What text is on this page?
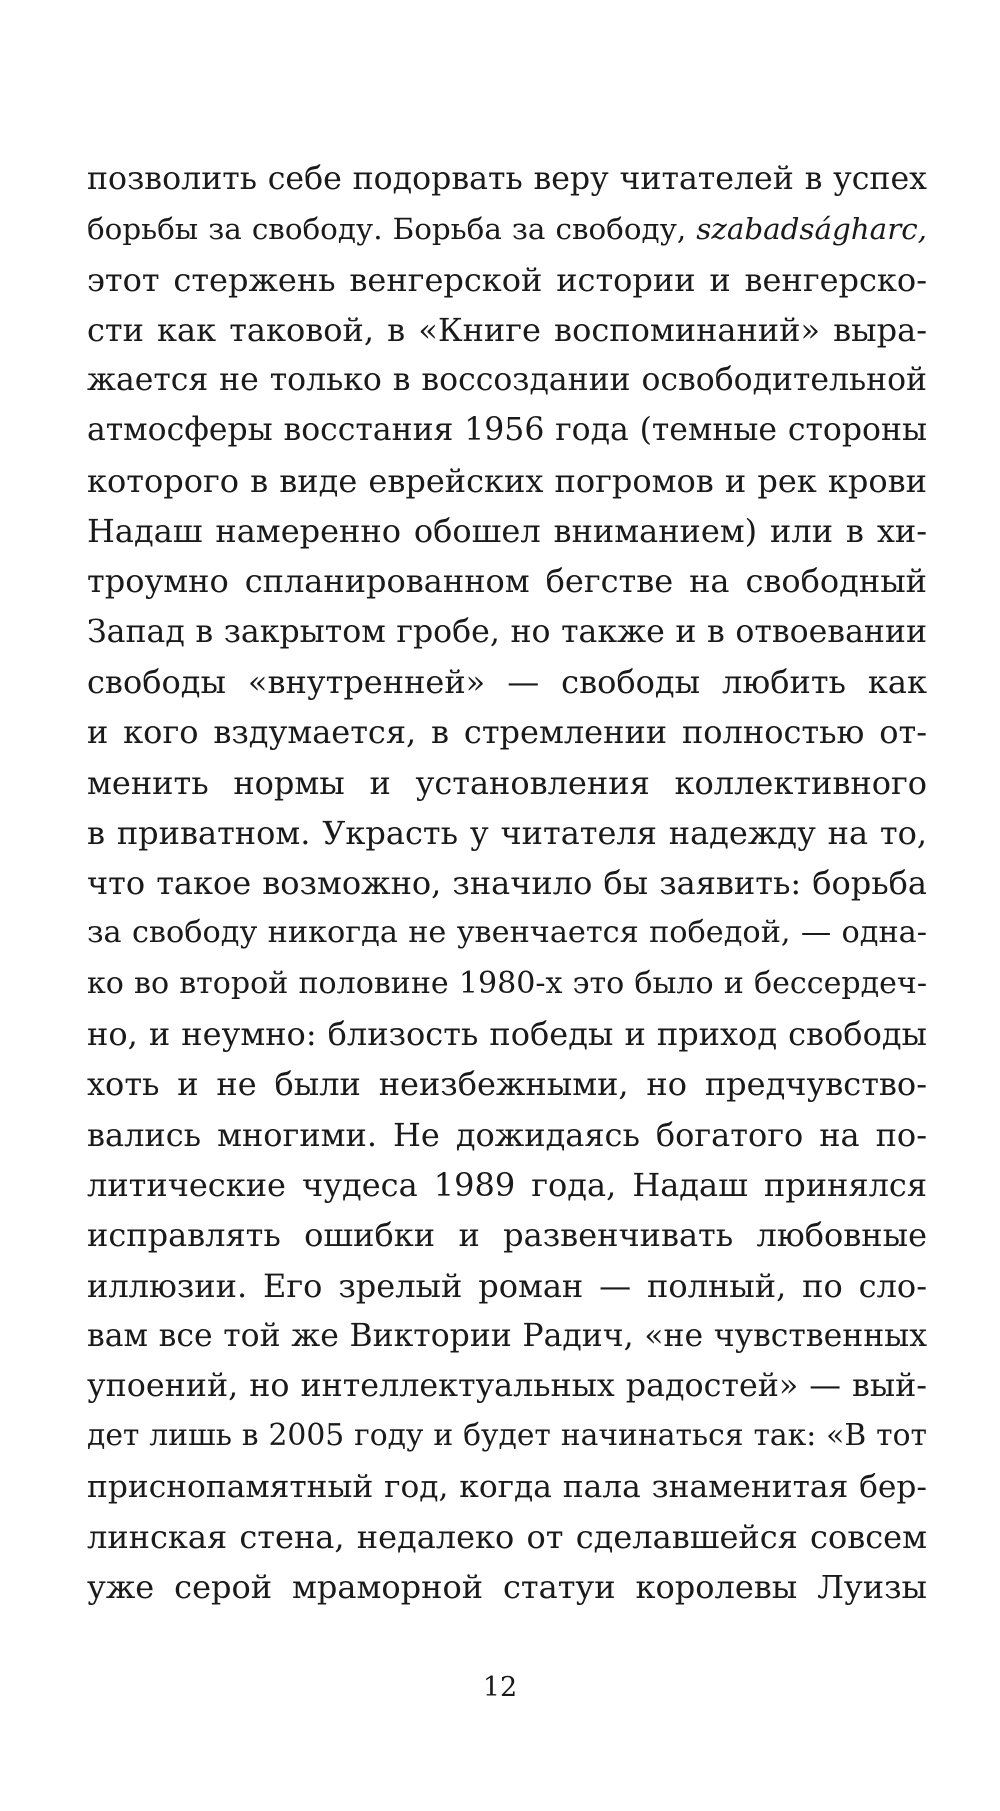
позволить себе подорвать веру читателей в успех
борьбы за свободу. Борьба за свободу, szabadságharc,
этот стержень венгерской истории и венгерско-
сти как таковой, в «Книге воспоминаний» выра-
жается не только в воссоздании освободительной
атмосферы восстания 1956 года (темные стороны
которого в виде еврейских погромов и рек крови
Надаш намеренно обошел вниманием) или в хи-
троумно спланированном бегстве на свободный
Запад в закрытом гробе, но также и в отвоевании
свободы «внутренней» — свободы любить как
и кого вздумается, в стремлении полностью от-
менить нормы и установления коллективного
в приватном. Украсть у читателя надежду на то,
что такое возможно, значило бы заявить: борьба
за свободу никогда не увенчается победой, — одна-
ко во второй половине 1980-х это было и бессердеч-
но, и неумно: близость победы и приход свободы
хоть и не были неизбежными, но предчувство-
вались многими. Не дожидаясь богатого на по-
литические чудеса 1989 года, Надаш принялся
исправлять ошибки и развенчивать любовные
иллюзии. Его зрелый роман — полный, по сло-
вам все той же Виктории Радич, «не чувственных
упоений, но интеллектуальных радостей» — вый-
дет лишь в 2005 году и будет начинаться так: «В тот
приснопамятный год, когда пала знаменитая бер-
линская стена, недалеко от сделавшейся совсем
уже серой мраморной статуи королевы Луизы
12
